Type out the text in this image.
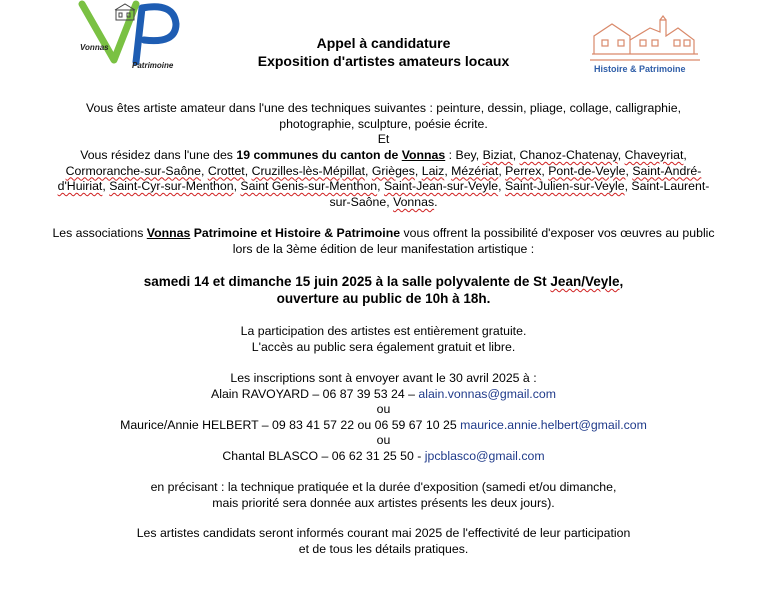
Vonnas
Patrimoine	Histoire & Patrimoine
Appel à candidature
Exposition d'artistes amateurs locaux

Vous êtes artiste amateur dans l'une des techniques suivantes : peinture, dessin, pliage, collage, calligraphie,

photographie, sculpture, poésie écrite.

Et

Vous résidez dans l'une des 19 communes du canton de Vonnas : Bey, Biziat, Chanoz-Chatenay, Chaveyriat,

Cormoranche-sur-Saône, Crottet, Cruzilles-lès-Mépillat, Grièges, Laiz, Mézériat, Perrex, Pont-de-Veyle, Saint-André-

d'Huiriat, Saint-Cyr-sur-Menthon, Saint Genis-sur-Menthon, Saint-Jean-sur-Veyle, Saint-Julien-sur-Veyle, Saint-Laurent-

sur-Saône, Vonnas.

Les associations Vonnas Patrimoine et Histoire & Patrimoine vous offrent la possibilité d'exposer vos œuvres au public

lors de la 3ème édition de leur manifestation artistique :

samedi 14 et dimanche 15 juin 2025 à la salle polyvalente de St Jean/Veyle,

ouverture au public de 10h à 18h.

La participation des artistes est entièrement gratuite.

L'accès au public sera également gratuit et libre.

Les inscriptions sont à envoyer avant le 30 avril 2025 à :

Alain RAVOYARD – 06 87 39 53 24 – alain.vonnas@gmail.com

ou

Maurice/Annie HELBERT – 09 83 41 57 22 ou 06 59 67 10 25 maurice.annie.helbert@gmail.com

ou

Chantal BLASCO – 06 62 31 25 50 - jpcblasco@gmail.com

en précisant : la technique pratiquée et la durée d'exposition (samedi et/ou dimanche,

mais priorité sera donnée aux artistes présents les deux jours).

Les artistes candidats seront informés courant mai 2025 de l'effectivité de leur participation

et de tous les détails pratiques.
